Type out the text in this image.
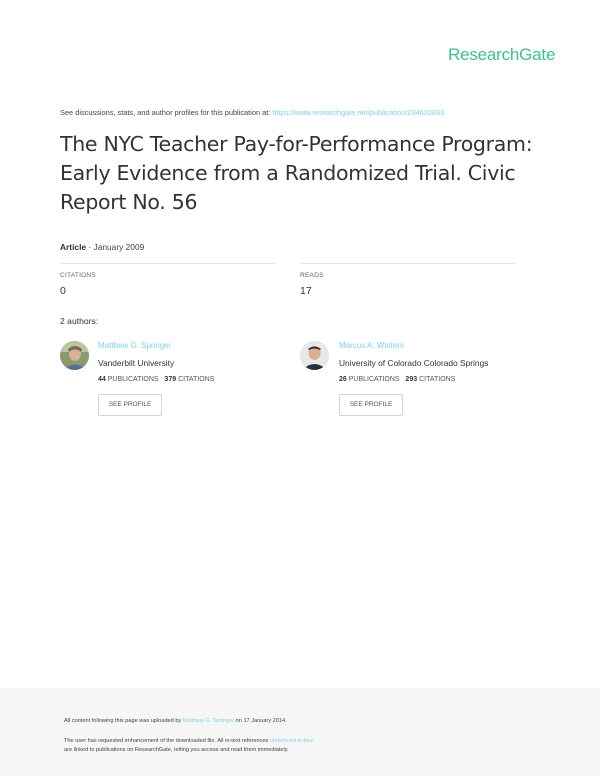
ResearchGate
See discussions, stats, and author profiles for this publication at: https://www.researchgate.net/publication/234620833
The NYC Teacher Pay-for-Performance Program: Early Evidence from a Randomized Trial. Civic Report No. 56
Article · January 2009
CITATIONS
0
READS
17
2 authors:
Matthew G. Springer
Vanderbilt University
44 PUBLICATIONS 379 CITATIONS
SEE PROFILE
Marcus A. Winters
University of Colorado Colorado Springs
26 PUBLICATIONS 293 CITATIONS
SEE PROFILE
All content following this page was uploaded by Matthew G. Springer on 17 January 2014.
The user has requested enhancement of the downloaded file. All in-text references underlined in blue
are linked to publications on ResearchGate, letting you access and read them immediately.
